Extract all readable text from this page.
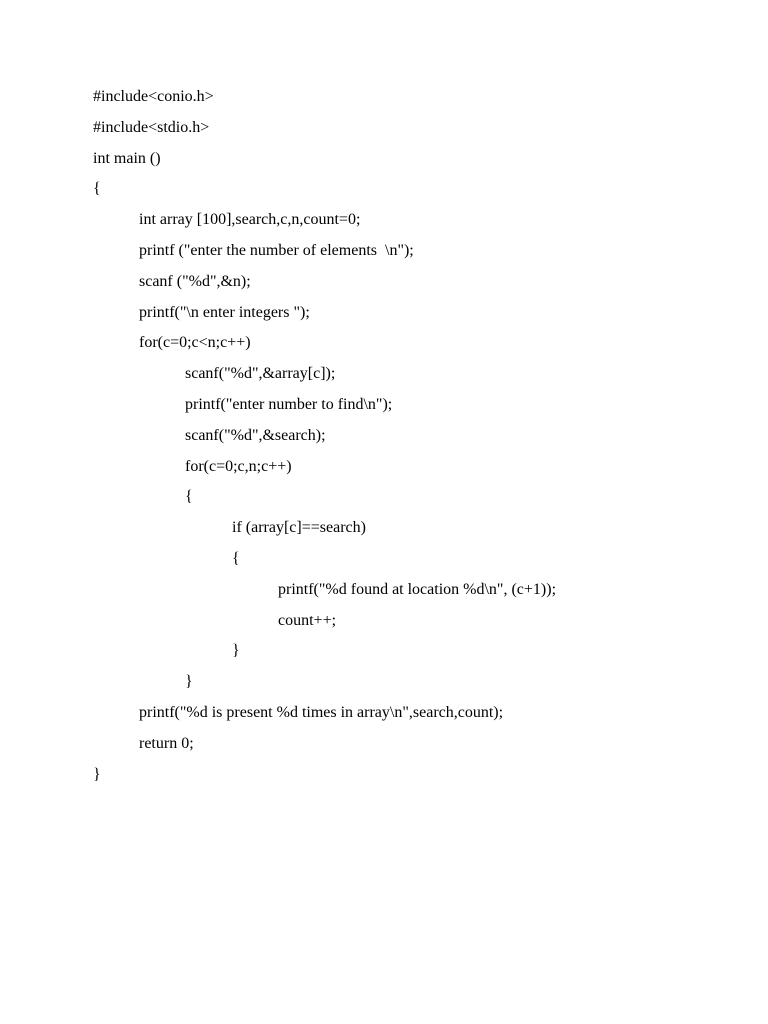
#include<conio.h>
#include<stdio.h>
int main ()
{
int array [100],search,c,n,count=0;
printf ("enter the number of elements  \n");
scanf ("%d",&n);
printf("\n enter integers ");
for(c=0;c<n;c++)
scanf("%d",&array[c]);
printf("enter number to find\n");
scanf("%d",&search);
for(c=0;c,n;c++)
{
if (array[c]==search)
{
printf("%d found at location %d\n", (c+1));
count++;
}
}
printf("%d is present %d times in array\n",search,count);
return 0;
}
